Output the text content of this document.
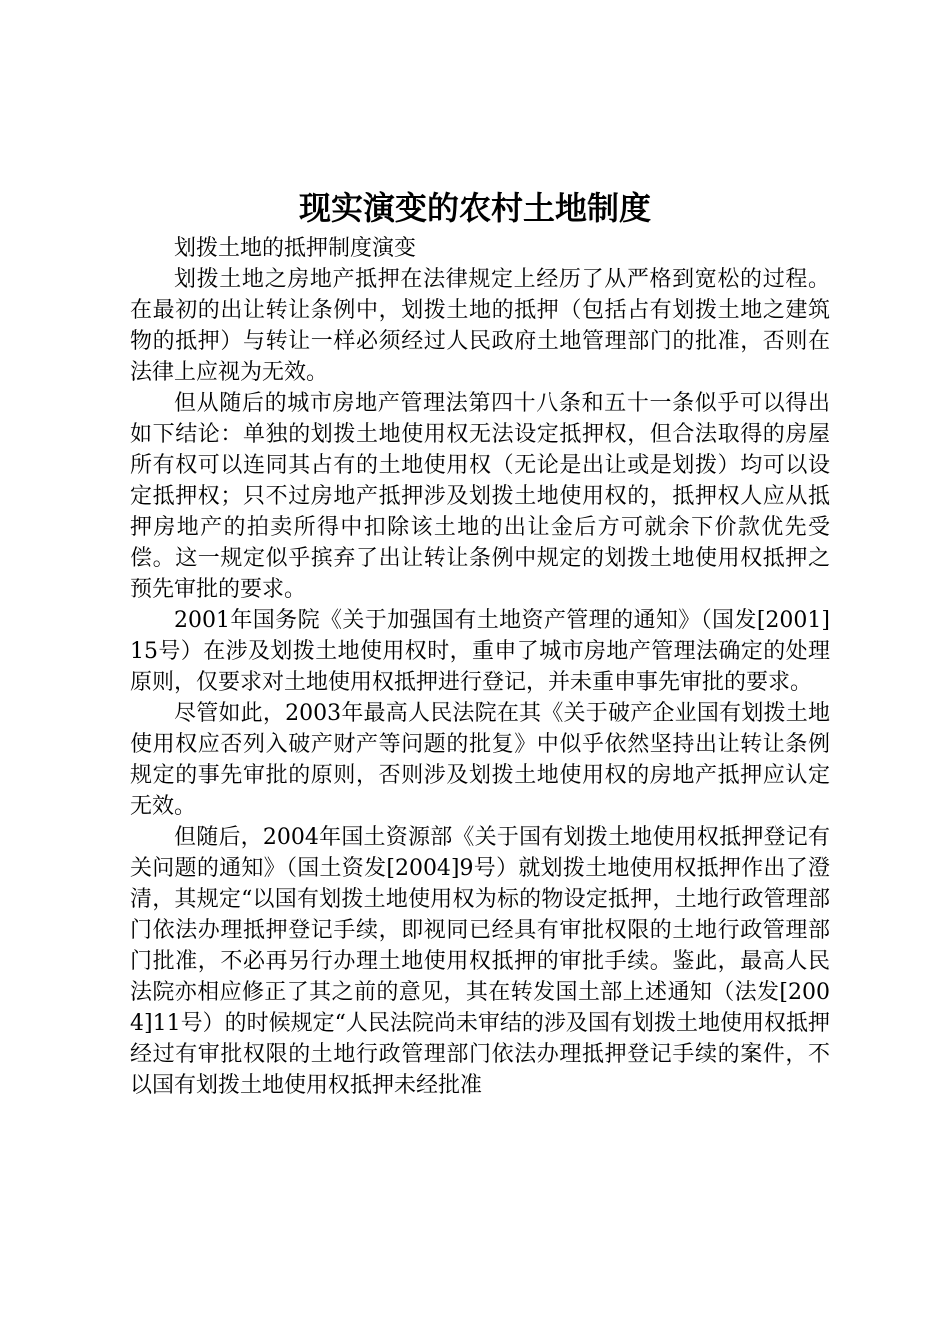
现实演变的农村土地制度

划拨土地的抵押制度演变

划拨土地之房地产抵押在法律规定上经历了从严格到宽松的过程。在最初的出让转让条例中，划拨土地的抵押（包括占有划拨土地之建筑物的抵押）与转让一样必须经过人民政府土地管理部门的批准，否则在法律上应视为无效。

但从随后的城市房地产管理法第四十八条和五十一条似乎可以得出如下结论：单独的划拨土地使用权无法设定抵押权，但合法取得的房屋所有权可以连同其占有的土地使用权（无论是出让或是划拨）均可以设定抵押权；只不过房地产抵押涉及划拨土地使用权的，抵押权人应从抵押房地产的拍卖所得中扣除该土地的出让金后方可就余下价款优先受偿。这一规定似乎摈弃了出让转让条例中规定的划拨土地使用权抵押之预先审批的要求。

2001年国务院《关于加强国有土地资产管理的通知》（国发[2001]15号）在涉及划拨土地使用权时，重申了城市房地产管理法确定的处理原则，仅要求对土地使用权抵押进行登记，并未重申事先审批的要求。

尽管如此，2003年最高人民法院在其《关于破产企业国有划拨土地使用权应否列入破产财产等问题的批复》中似乎依然坚持出让转让条例规定的事先审批的原则，否则涉及划拨土地使用权的房地产抵押应认定无效。

但随后，2004年国土资源部《关于国有划拨土地使用权抵押登记有关问题的通知》（国土资发[2004]9号）就划拨土地使用权抵押作出了澄清，其规定“以国有划拨土地使用权为标的物设定抵押，土地行政管理部门依法办理抵押登记手续，即视同已经具有审批权限的土地行政管理部门批准，不必再另行办理土地使用权抵押的审批手续。鉴此，最高人民法院亦相应修正了其之前的意见，其在转发国土部上述通知（法发[2004]11号）的时候规定“人民法院尚未审结的涉及国有划拨土地使用权抵押经过有审批权限的土地行政管理部门依法办理抵押登记手续的案件，不以国有划拨土地使用权抵押未经批准
